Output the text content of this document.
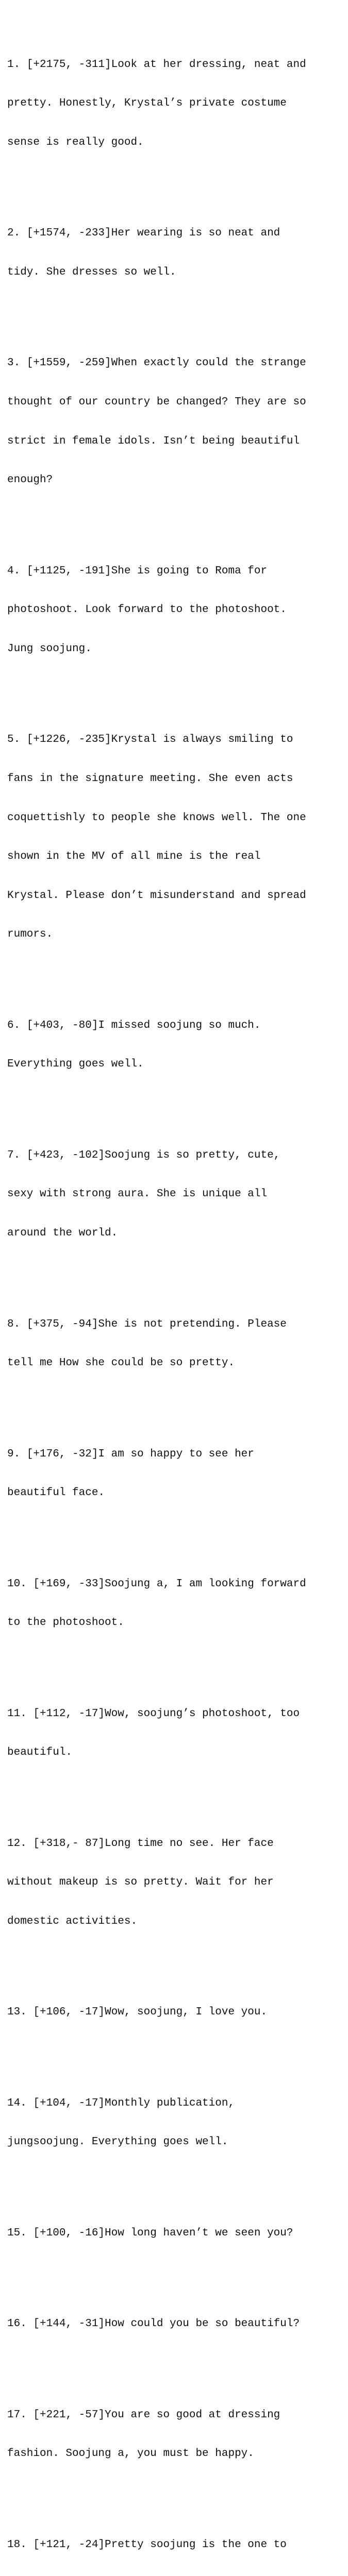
1. [+2175, -311]Look at her dressing, neat and

pretty. Honestly, Krystal’s private costume

sense is really good.

2. [+1574, -233]Her wearing is so neat and

tidy. She dresses so well.

3. [+1559, -259]When exactly could the strange

thought of our country be changed? They are so

strict in female idols. Isn’t being beautiful

enough?

4. [+1125, -191]She is going to Roma for

photoshoot. Look forward to the photoshoot.

Jung soojung.

5. [+1226, -235]Krystal is always smiling to

fans in the signature meeting. She even acts

coquettishly to people she knows well. The one

shown in the MV of all mine is the real

Krystal. Please don’t misunderstand and spread

rumors.

6. [+403, -80]I missed soojung so much.

Everything goes well.

7. [+423, -102]Soojung is so pretty, cute,

sexy with strong aura. She is unique all

around the world.

8. [+375, -94]She is not pretending. Please

tell me How she could be so pretty.

9. [+176, -32]I am so happy to see her

beautiful face.

10. [+169, -33]Soojung a, I am looking forward

to the photoshoot.

11. [+112, -17]Wow, soojung’s photoshoot, too

beautiful.

12. [+318,- 87]Long time no see. Her face

without makeup is so pretty. Wait for her

domestic activities.

13. [+106, -17]Wow, soojung, I love you.

14. [+104, -17]Monthly publication,

jungsoojung. Everything goes well.

15. [+100, -16]How long haven’t we seen you?

16. [+144, -31]How could you be so beautiful?

17. [+221, -57]You are so good at dressing

fashion. Soojung a, you must be happy.

18. [+121, -24]Pretty soojung is the one to
